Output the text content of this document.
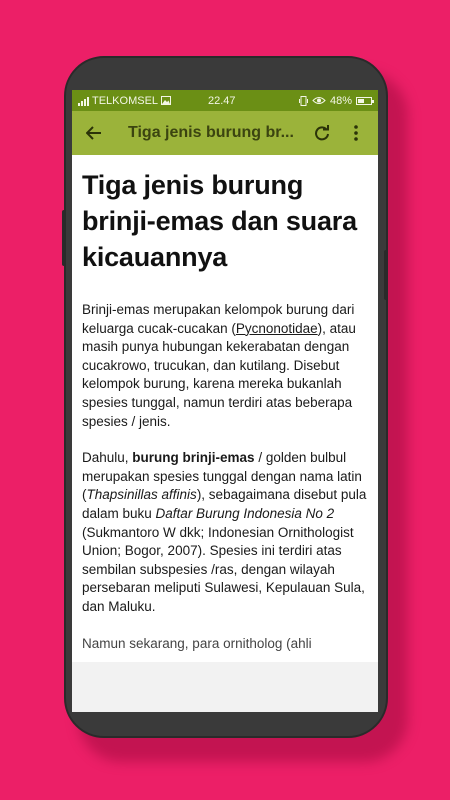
TELKOMSEL	22.47	48%
Tiga jenis burung br...
Tiga jenis burung brinji-emas dan suara kicauannya

Brinji-emas merupakan kelompok burung dari keluarga cucak-cucakan (Pycnonotidae), atau masih punya hubungan kekerabatan dengan cucakrowo, trucukan, dan kutilang. Disebut kelompok burung, karena mereka bukanlah spesies tunggal, namun terdiri atas beberapa spesies / jenis.

Dahulu, burung brinji-emas / golden bulbul merupakan spesies tunggal dengan nama latin (Thapsinillas affinis), sebagaimana disebut pula dalam buku Daftar Burung Indonesia No 2 (Sukmantoro W dkk; Indonesian Ornithologist Union; Bogor, 2007). Spesies ini terdiri atas sembilan subspesies /ras, dengan wilayah persebaran meliputi Sulawesi, Kepulauan Sula, dan Maluku.

Namun sekarang, para ornitholog (ahli
